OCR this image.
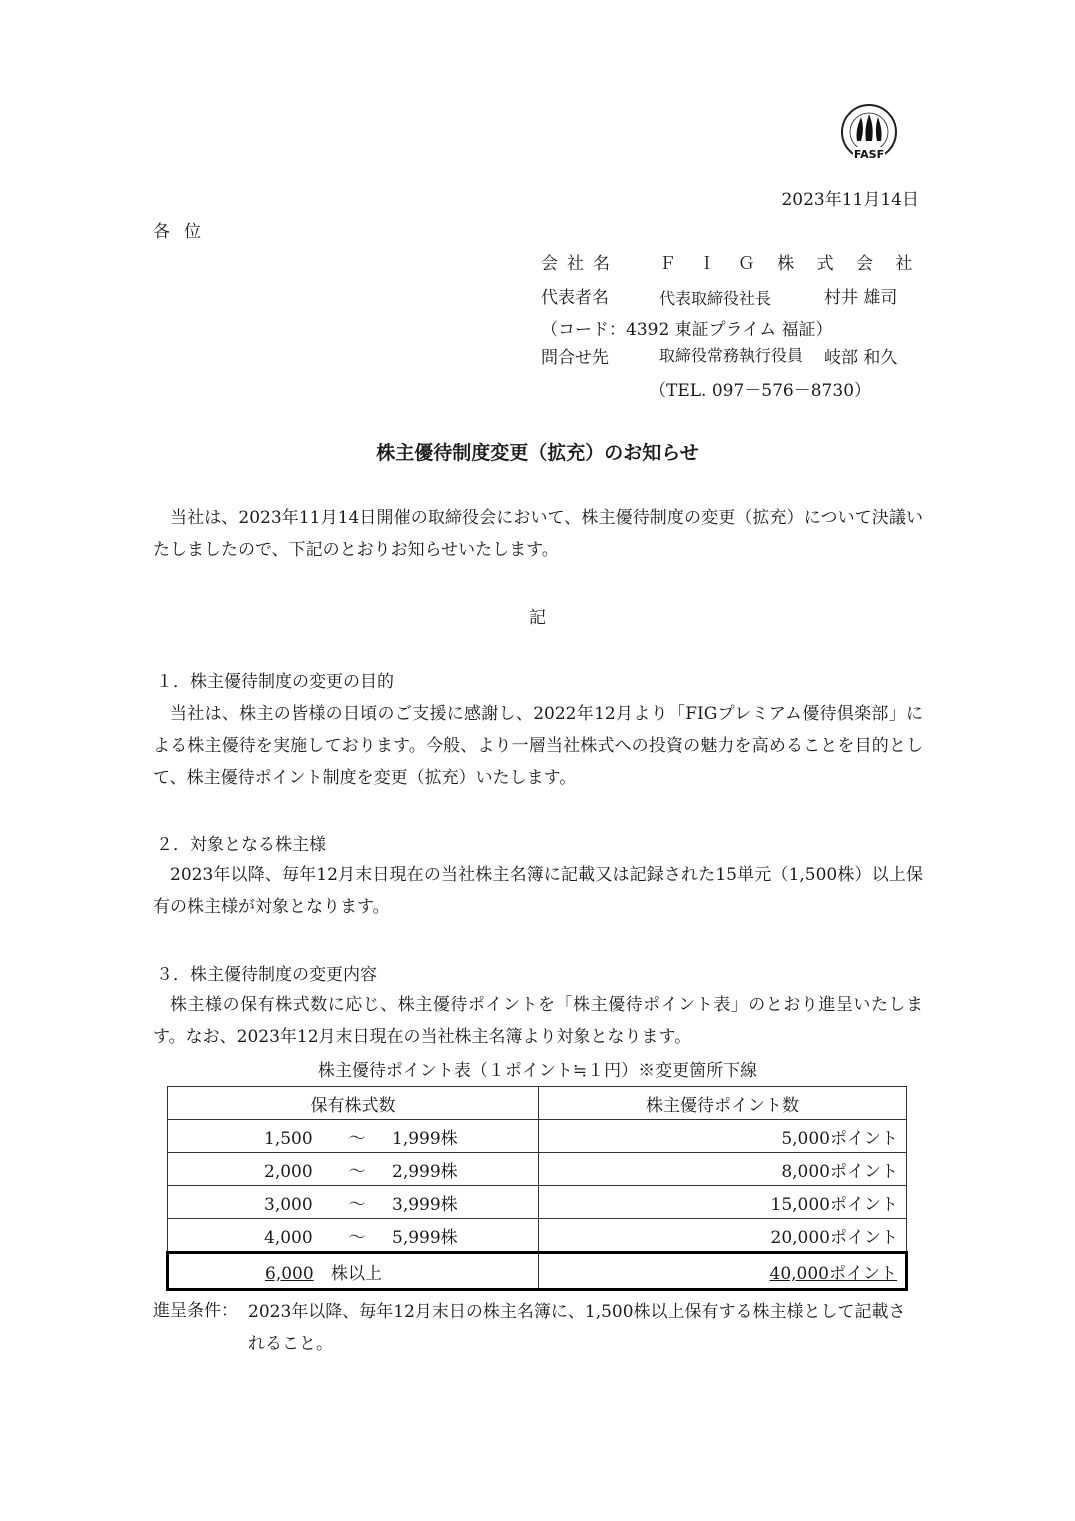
FASF
2023年11月14日
各位
会社名 ＦＩＧ株式会社
代表者名	代表取締役社長	村井 雄司
（コード：4392 東証プライム 福証）
問合せ先	取締役常務執行役員 岐部 和久
（TEL. 097－576－8730）
株主優待制度変更（拡充）のお知らせ
当社は、2023年11月14日開催の取締役会において、株主優待制度の変更（拡充）について決議いたしましたので、下記のとおりお知らせいたします。
記
１．株主優待制度の変更の目的
当社は、株主の皆様の日頃のご支援に感謝し、2022年12月より「FIGプレミアム優待倶楽部」による株主優待を実施しております。今般、より一層当社株式への投資の魅力を高めることを目的として、株主優待ポイント制度を変更（拡充）いたします。
２．対象となる株主様
2023年以降、毎年12月末日現在の当社株主名簿に記載又は記録された15単元（1,500株）以上保有の株主様が対象となります。
３．株主優待制度の変更内容
株主様の保有株式数に応じ、株主優待ポイントを「株主優待ポイント表」のとおり進呈いたします。なお、2023年12月末日現在の当社株主名簿より対象となります。
株主優待ポイント表（１ポイント≒１円）※変更箇所下線
保有株式数	株主優待ポイント数
1,500 ～ 1,999株	5,000ポイント
2,000 ～ 2,999株	8,000ポイント
3,000 ～ 3,999株	15,000ポイント
4,000 ～ 5,999株	20,000ポイント
6,000 株以上	40,000ポイント
進呈条件： 2023年以降、毎年12月末日の株主名簿に、1,500株以上保有する株主様として記載されること。
